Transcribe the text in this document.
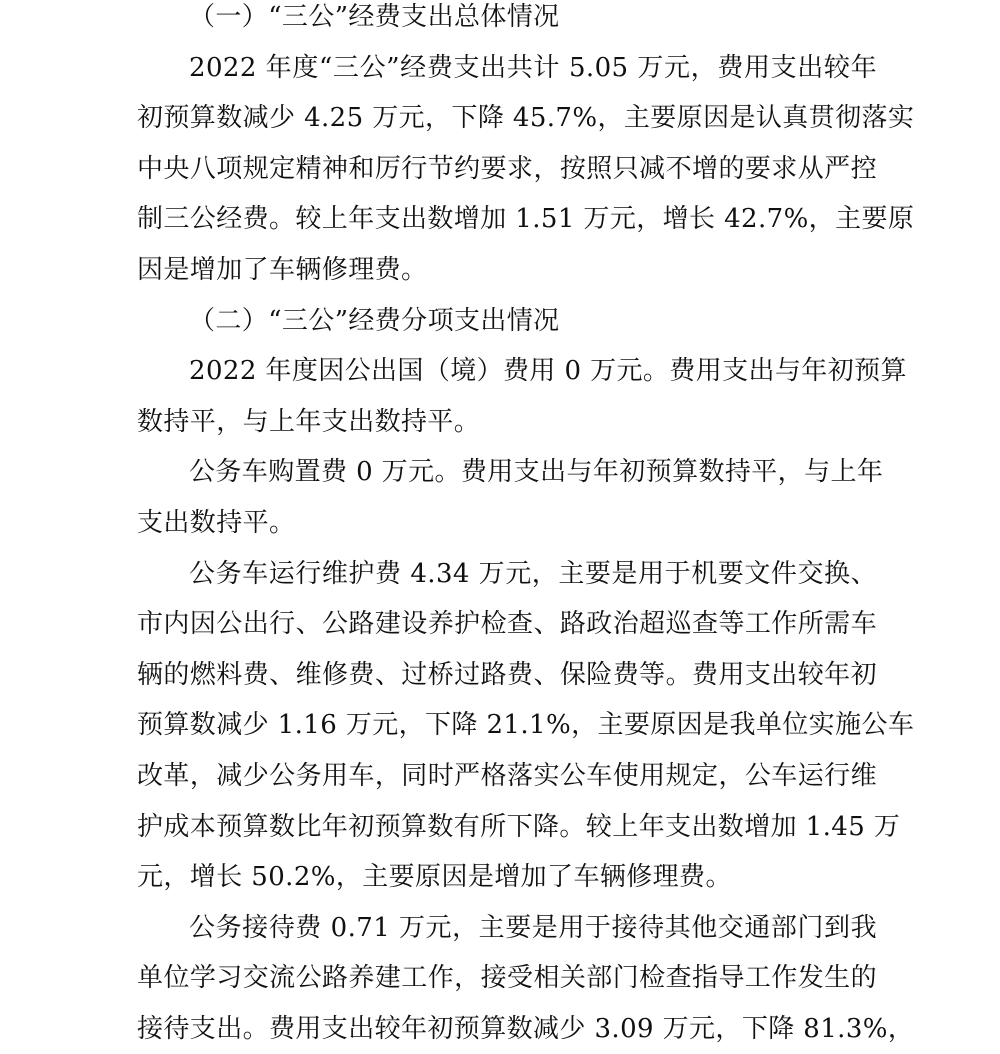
（一）“三公”经费支出总体情况
2022 年度“三公”经费支出共计 5.05 万元，费用支出较年
初预算数减少 4.25 万元，下降 45.7%，主要原因是认真贯彻落实
中央八项规定精神和厉行节约要求，按照只减不增的要求从严控
制三公经费。较上年支出数增加 1.51 万元，增长 42.7%，主要原
因是增加了车辆修理费。
（二）“三公”经费分项支出情况
2022 年度因公出国（境）费用 0 万元。费用支出与年初预算
数持平，与上年支出数持平。
公务车购置费 0 万元。费用支出与年初预算数持平，与上年
支出数持平。
公务车运行维护费 4.34 万元，主要是用于机要文件交换、
市内因公出行、公路建设养护检查、路政治超巡查等工作所需车
辆的燃料费、维修费、过桥过路费、保险费等。费用支出较年初
预算数减少 1.16 万元，下降 21.1%，主要原因是我单位实施公车
改革，减少公务用车，同时严格落实公车使用规定，公车运行维
护成本预算数比年初预算数有所下降。较上年支出数增加 1.45 万
元，增长 50.2%，主要原因是增加了车辆修理费。
公务接待费 0.71 万元，主要是用于接待其他交通部门到我
单位学习交流公路养建工作，接受相关部门检查指导工作发生的
接待支出。费用支出较年初预算数减少 3.09 万元，下降 81.3%，
